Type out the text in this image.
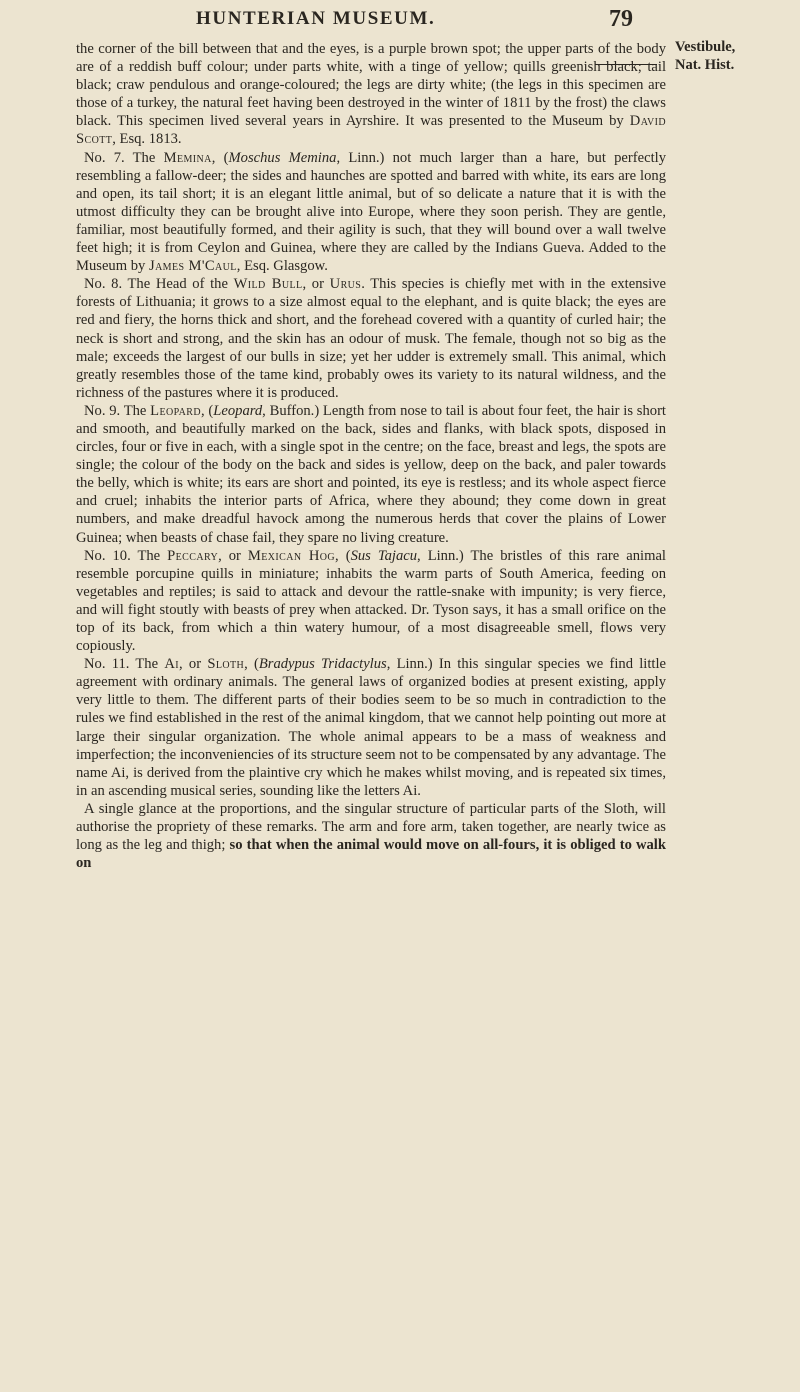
HUNTERIAN MUSEUM.	79
Vestibule,
Nat. Hist.

the corner of the bill between that and the eyes, is a purple brown spot; the upper parts of the body are of a reddish buff colour; under parts white, with a tinge of yellow; quills greenish black; tail black; craw pendulous and orange-coloured; the legs are dirty white; (the legs in this specimen are those of a turkey, the natural feet having been destroyed in the winter of 1811 by the frost) the claws black. This specimen lived several years in Ayrshire. It was presented to the Museum by David Scott, Esq. 1813.

No. 7. The Memina, (Moschus Memina, Linn.) not much larger than a hare, but perfectly resembling a fallow-deer; the sides and haunches are spotted and barred with white, its ears are long and open, its tail short; it is an elegant little animal, but of so delicate a nature that it is with the utmost difficulty they can be brought alive into Europe, where they soon perish. They are gentle, familiar, most beautifully formed, and their agility is such, that they will bound over a wall twelve feet high; it is from Ceylon and Guinea, where they are called by the Indians Gueva. Added to the Museum by James M'Caul, Esq. Glasgow.

No. 8. The Head of the Wild Bull, or Urus. This species is chiefly met with in the extensive forests of Lithuania; it grows to a size almost equal to the elephant, and is quite black; the eyes are red and fiery, the horns thick and short, and the forehead covered with a quantity of curled hair; the neck is short and strong, and the skin has an odour of musk. The female, though not so big as the male; exceeds the largest of our bulls in size; yet her udder is extremely small. This animal, which greatly resembles those of the tame kind, probably owes its variety to its natural wildness, and the richness of the pastures where it is produced.

No. 9. The Leopard, (Leopard, Buffon.) Length from nose to tail is about four feet, the hair is short and smooth, and beautifully marked on the back, sides and flanks, with black spots, disposed in circles, four or five in each, with a single spot in the centre; on the face, breast and legs, the spots are single; the colour of the body on the back and sides is yellow, deep on the back, and paler towards the belly, which is white; its ears are short and pointed, its eye is restless; and its whole aspect fierce and cruel; inhabits the interior parts of Africa, where they abound; they come down in great numbers, and make dreadful havock among the numerous herds that cover the plains of Lower Guinea; when beasts of chase fail, they spare no living creature.

No. 10. The Peccary, or Mexican Hog, (Sus Tajacu, Linn.) The bristles of this rare animal resemble porcupine quills in miniature; inhabits the warm parts of South America, feeding on vegetables and reptiles; is said to attack and devour the rattle-snake with impunity; is very fierce, and will fight stoutly with beasts of prey when attacked. Dr. Tyson says, it has a small orifice on the top of its back, from which a thin watery humour, of a most disagreeable smell, flows very copiously.

No. 11. The Ai, or Sloth, (Bradypus Tridactylus, Linn.) In this singular species we find little agreement with ordinary animals. The general laws of organized bodies at present existing, apply very little to them. The different parts of their bodies seem to be so much in contradiction to the rules we find established in the rest of the animal kingdom, that we cannot help pointing out more at large their singular organization. The whole animal appears to be a mass of weakness and imperfection; the inconveniencies of its structure seem not to be compensated by any advantage. The name Ai, is derived from the plaintive cry which he makes whilst moving, and is repeated six times, in an ascending musical series, sounding like the letters Ai.

A single glance at the proportions, and the singular structure of particular parts of the Sloth, will authorise the propriety of these remarks. The arm and fore arm, taken together, are nearly twice as long as the leg and thigh; so that when the animal would move on all-fours, it is obliged to walk on
